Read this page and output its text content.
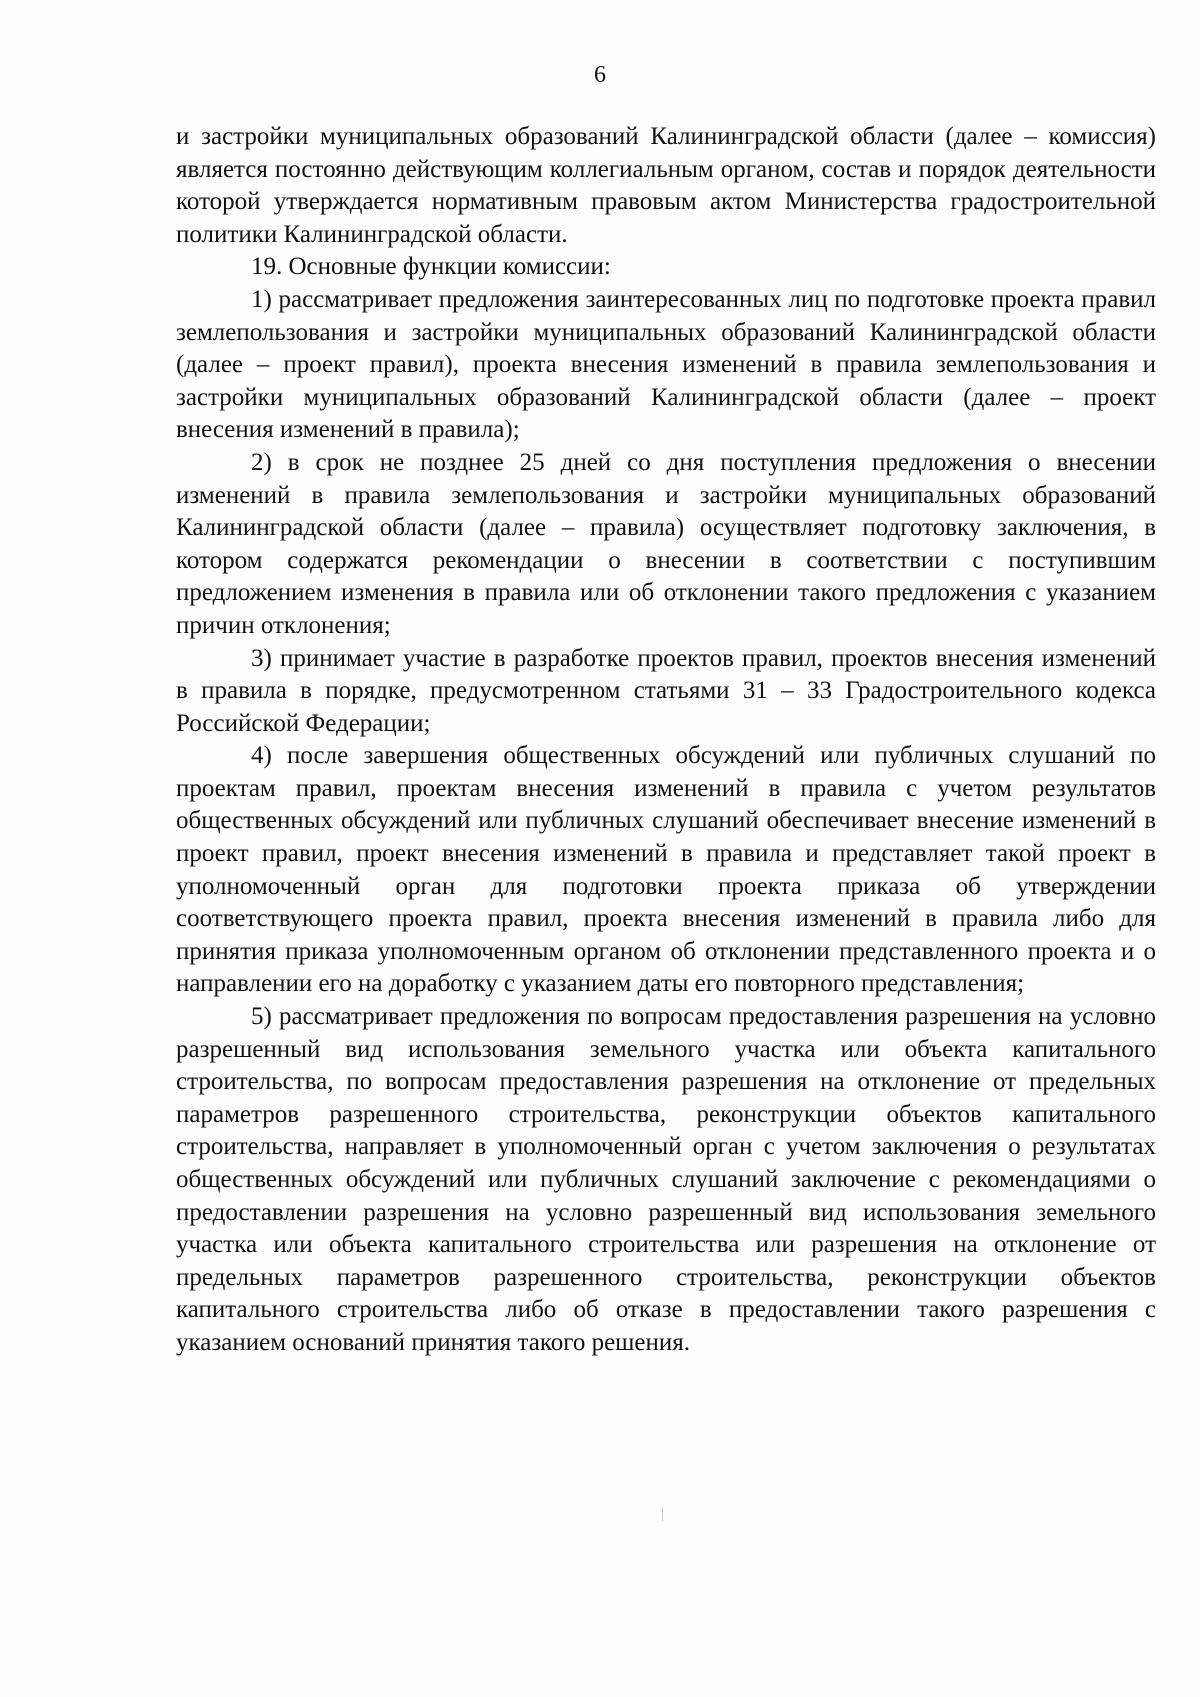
6

и застройки муниципальных образований Калининградской области (далее – комиссия) является постоянно действующим коллегиальным органом, состав и порядок деятельности которой утверждается нормативным правовым актом Министерства градостроительной политики Калининградской области.

19. Основные функции комиссии:

1) рассматривает предложения заинтересованных лиц по подготовке проекта правил землепользования и застройки муниципальных образований Калининградской области (далее – проект правил), проекта внесения изменений в правила землепользования и застройки муниципальных образований Калининградской области (далее – проект внесения изменений в правила);

2) в срок не позднее 25 дней со дня поступления предложения о внесении изменений в правила землепользования и застройки муниципальных образований Калининградской области (далее – правила) осуществляет подготовку заключения, в котором содержатся рекомендации о внесении в соответствии с поступившим предложением изменения в правила или об отклонении такого предложения с указанием причин отклонения;

3) принимает участие в разработке проектов правил, проектов внесения изменений в правила в порядке, предусмотренном статьями 31 – 33 Градостроительного кодекса Российской Федерации;

4) после завершения общественных обсуждений или публичных слушаний по проектам правил, проектам внесения изменений в правила с учетом результатов общественных обсуждений или публичных слушаний обеспечивает внесение изменений в проект правил, проект внесения изменений в правила и представляет такой проект в уполномоченный орган для подготовки проекта приказа об утверждении соответствующего проекта правил, проекта внесения изменений в правила либо для принятия приказа уполномоченным органом об отклонении представленного проекта и о направлении его на доработку с указанием даты его повторного представления;

5) рассматривает предложения по вопросам предоставления разрешения на условно разрешенный вид использования земельного участка или объекта капитального строительства, по вопросам предоставления разрешения на отклонение от предельных параметров разрешенного строительства, реконструкции объектов капитального строительства, направляет в уполномоченный орган с учетом заключения о результатах общественных обсуждений или публичных слушаний заключение с рекомендациями о предоставлении разрешения на условно разрешенный вид использования земельного участка или объекта капитального строительства или разрешения на отклонение от предельных параметров разрешенного строительства, реконструкции объектов капитального строительства либо об отказе в предоставлении такого разрешения с указанием оснований принятия такого решения.
